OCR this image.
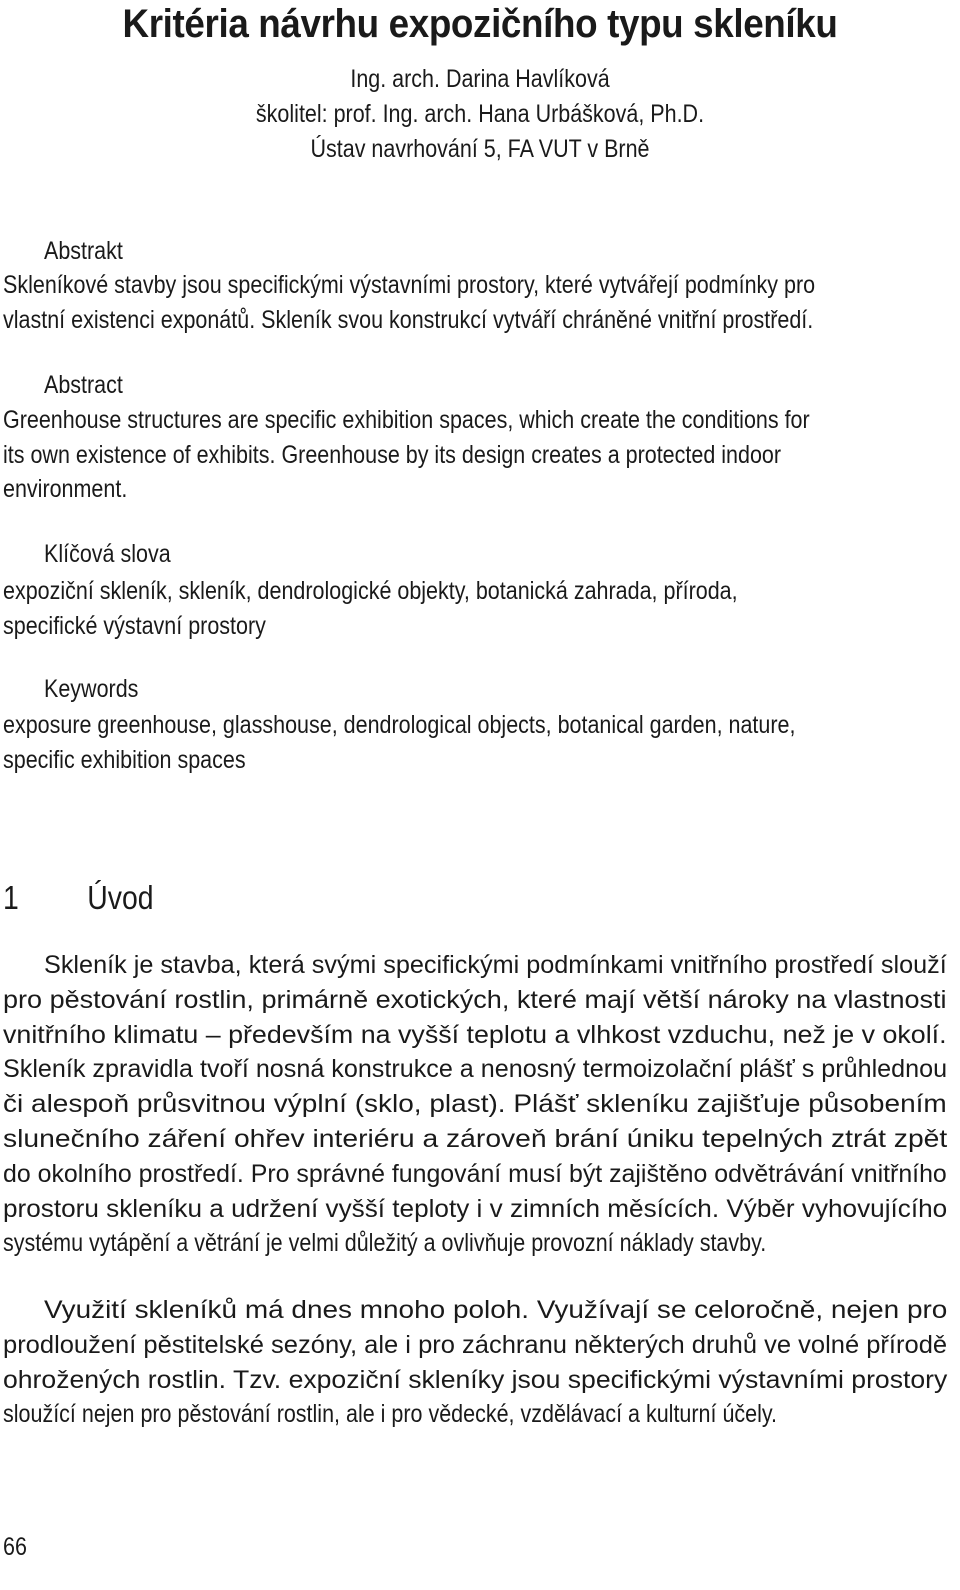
Kritéria návrhu expozičního typu skleníku
Ing. arch. Darina Havlíková
školitel: prof. Ing. arch. Hana Urbášková, Ph.D.
Ústav navrhování 5, FA VUT v Brně
Abstrakt
Skleníkové stavby jsou specifickými výstavními prostory, které vytvářejí podmínky pro
vlastní existenci exponátů. Skleník svou konstrukcí vytváří chráněné vnitřní prostředí.
Abstract
Greenhouse structures are specific exhibition spaces, which create the conditions for
its own existence of exhibits. Greenhouse by its design creates a protected indoor
environment.
Klíčová slova
expoziční skleník, skleník, dendrologické objekty, botanická zahrada, příroda,
specifické výstavní prostory
Keywords
exposure greenhouse, glasshouse, dendrological objects, botanical garden, nature,
specific exhibition spaces
1 Úvod
Skleník je stavba, která svými specifickými podmínkami vnitřního prostředí slouží
pro pěstování rostlin, primárně exotických, které mají větší nároky na vlastnosti
vnitřního klimatu – především na vyšší teplotu a vlhkost vzduchu, než je v okolí.
Skleník zpravidla tvoří nosná konstrukce a nenosný termoizolační plášť s průhlednou
či alespoň průsvitnou výplní (sklo, plast). Plášť skleníku zajišťuje působením
slunečního záření ohřev interiéru a zároveň brání úniku tepelných ztrát zpět
do okolního prostředí. Pro správné fungování musí být zajištěno odvětrávání vnitřního
prostoru skleníku a udržení vyšší teploty i v zimních měsících. Výběr vyhovujícího
systému vytápění a větrání je velmi důležitý a ovlivňuje provozní náklady stavby.
Využití skleníků má dnes mnoho poloh. Využívají se celoročně, nejen pro
prodloužení pěstitelské sezóny, ale i pro záchranu některých druhů ve volné přírodě
ohrožených rostlin. Tzv. expoziční skleníky jsou specifickými výstavními prostory
sloužící nejen pro pěstování rostlin, ale i pro vědecké, vzdělávací a kulturní účely.
66
